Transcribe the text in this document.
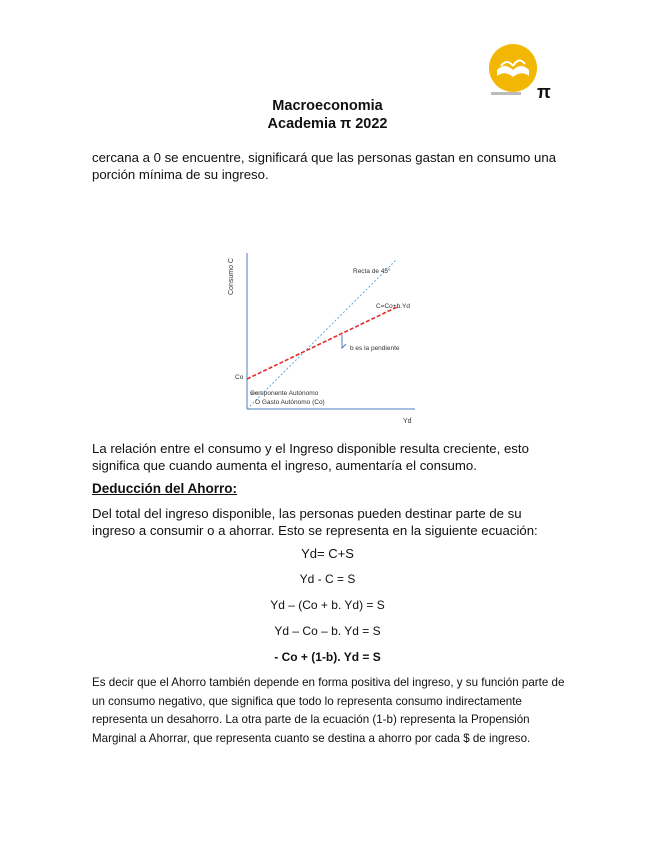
π
Macroeconomia
Academia π 2022
cercana a 0 se encuentre, significará que las personas gastan en consumo una porción mínima de su ingreso.
Consumo C
Yd
Recta de 45°
C=Co+b.Yd
b es la pendiente
Co
Componente Autónomo
O Gasto Autónomo (Co)
La relación entre el consumo y el Ingreso disponible resulta creciente, esto significa que cuando aumenta el ingreso, aumentaría el consumo.
Deducción del Ahorro:
Del total del ingreso disponible, las personas pueden destinar parte de su ingreso a consumir o a ahorrar. Esto se representa en la siguiente ecuación:
Yd= C+S
Yd - C = S
Yd – (Co + b. Yd) = S
Yd – Co – b. Yd = S
- Co + (1-b). Yd = S
Es decir que el Ahorro también depende en forma positiva del ingreso, y su función parte de un consumo negativo, que significa que todo lo representa consumo indirectamente representa un desahorro. La otra parte de la ecuación (1-b) representa la Propensión Marginal a Ahorrar, que representa cuanto se destina a ahorro por cada $ de ingreso.
